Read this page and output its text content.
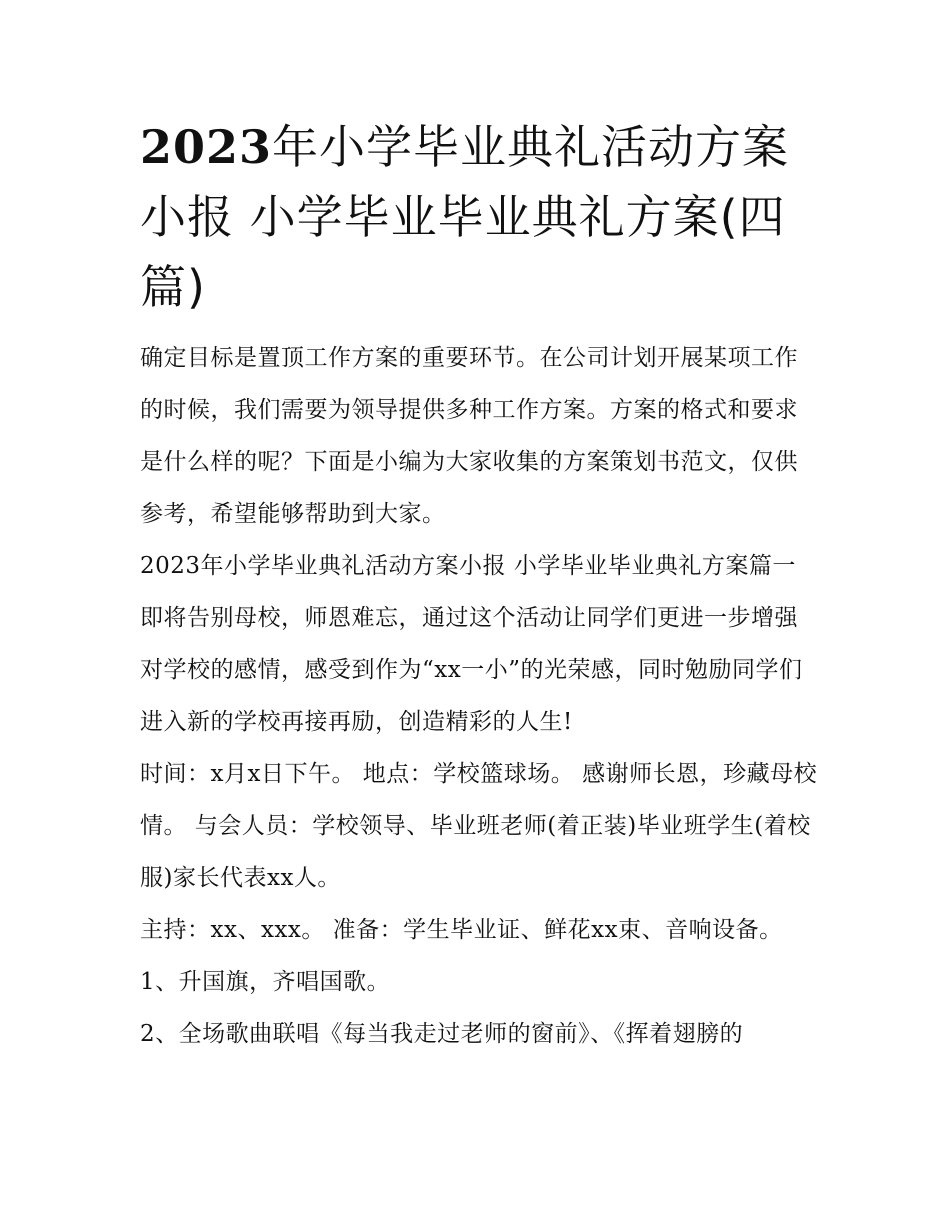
2023年小学毕业典礼活动方案小报 小学毕业毕业典礼方案(四篇)

确定目标是置顶工作方案的重要环节。在公司计划开展某项工作的时候，我们需要为领导提供多种工作方案。方案的格式和要求是什么样的呢？下面是小编为大家收集的方案策划书范文，仅供参考，希望能够帮助到大家。

2023年小学毕业典礼活动方案小报 小学毕业毕业典礼方案篇一

即将告别母校，师恩难忘，通过这个活动让同学们更进一步增强对学校的感情，感受到作为“xx一小”的光荣感，同时勉励同学们进入新的学校再接再励，创造精彩的人生!

时间：x月x日下午。 地点：学校篮球场。 感谢师长恩，珍藏母校情。 与会人员：学校领导、毕业班老师(着正装)毕业班学生(着校服)家长代表xx人。

主持：xx、xxx。 准备：学生毕业证、鲜花xx束、音响设备。 1、升国旗，齐唱国歌。

2、全场歌曲联唱《每当我走过老师的窗前》、《挥着翅膀的
